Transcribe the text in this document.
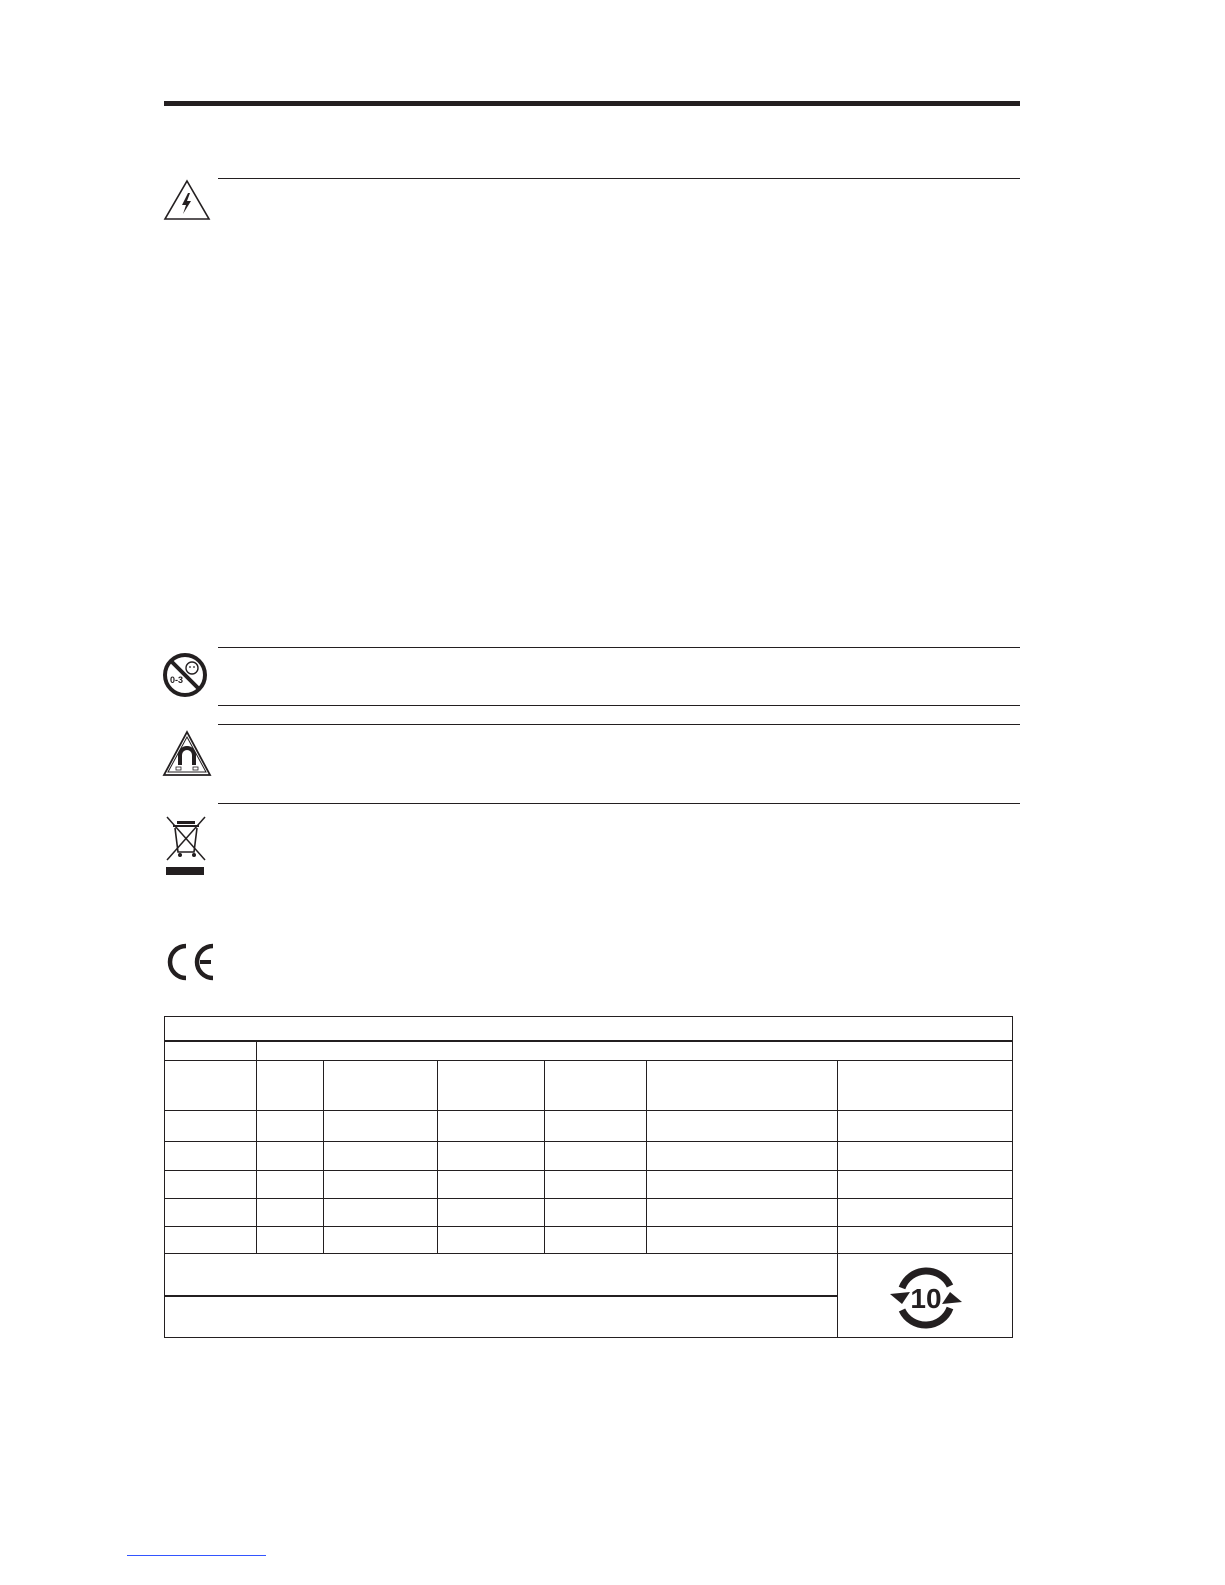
0-3
10
